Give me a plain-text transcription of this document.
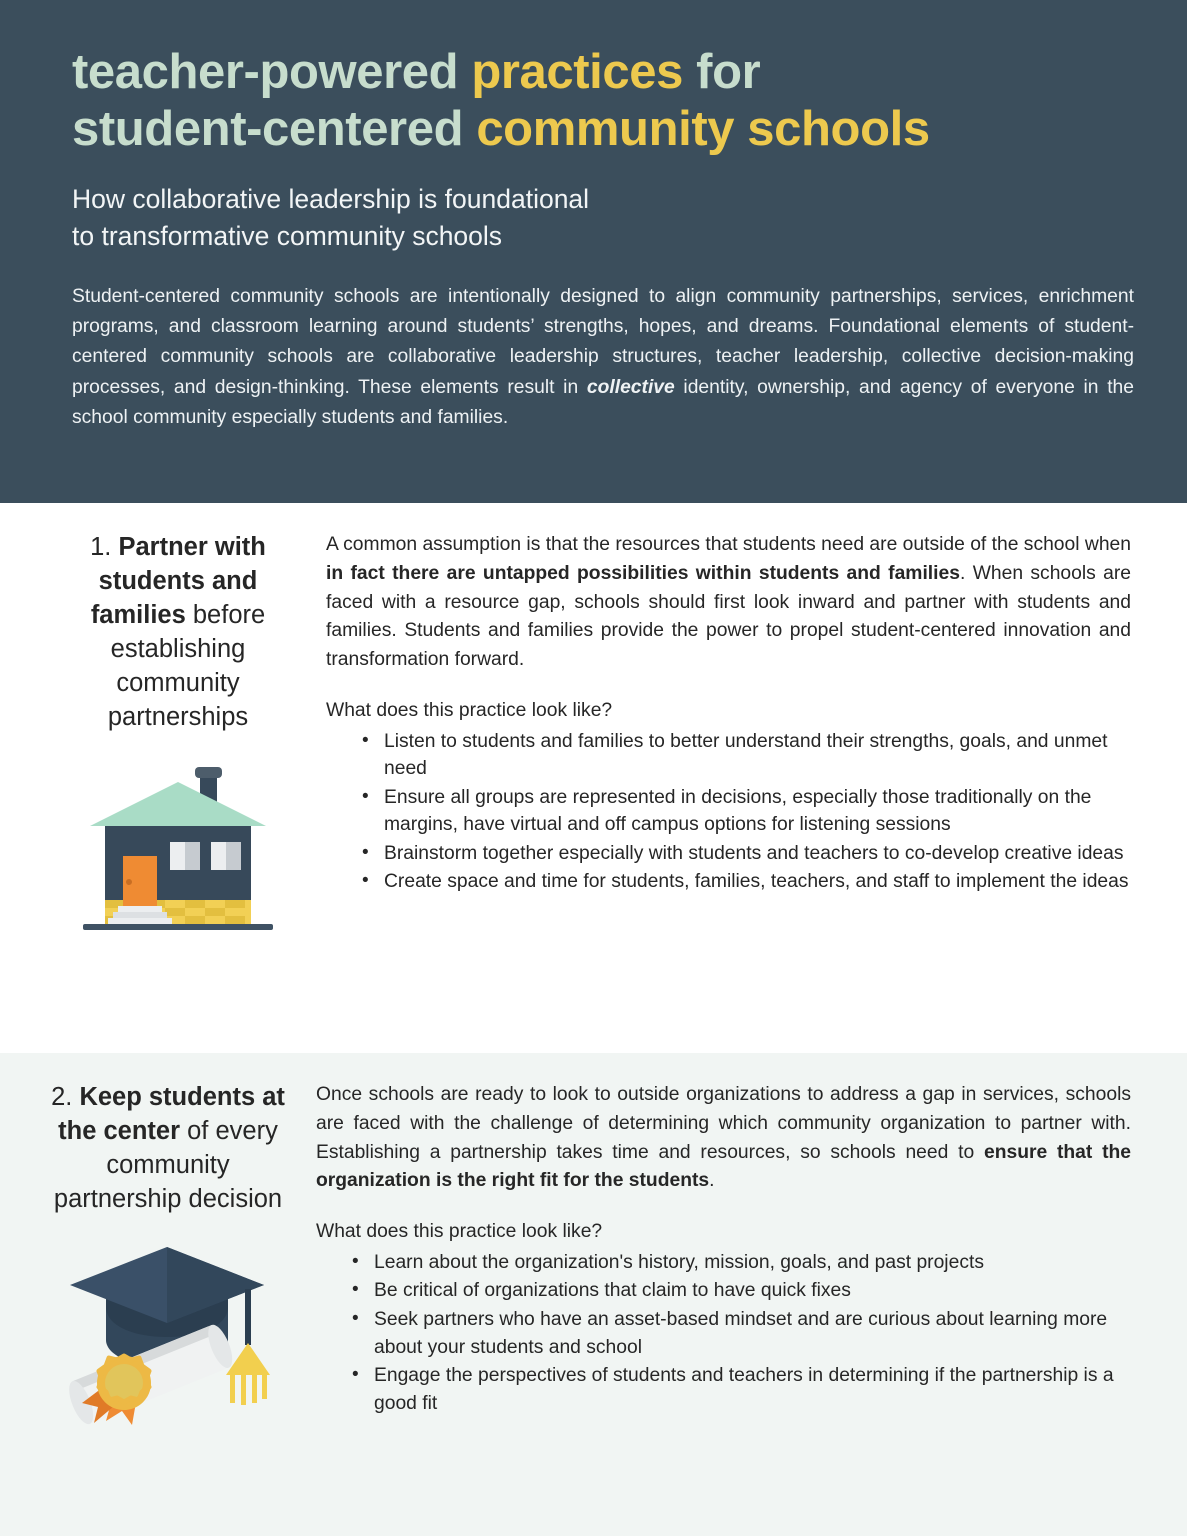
teacher-powered practices for
student-centered community schools
How collaborative leadership is foundational
to transformative community schools

Student-centered community schools are intentionally designed to align community partnerships, services, enrichment programs, and classroom learning around students’ strengths, hopes, and dreams. Foundational elements of student-centered community schools are collaborative leadership structures, teacher leadership, collective decision-making processes, and design-thinking. These elements result in collective identity, ownership, and agency of everyone in the school community especially students and families.

1. Partner with students and families before establishing community partnerships

A common assumption is that the resources that students need are outside of the school when in fact there are untapped possibilities within students and families. When schools are faced with a resource gap, schools should first look inward and partner with students and families. Students and families provide the power to propel student-centered innovation and transformation forward.

What does this practice look like?

• Listen to students and families to better understand their strengths, goals, and unmet need
• Ensure all groups are represented in decisions, especially those traditionally on the margins, have virtual and off campus options for listening sessions
• Brainstorm together especially with students and teachers to co-develop creative ideas
• Create space and time for students, families, teachers, and staff to implement the ideas

2. Keep students at the center of every community partnership decision

Once schools are ready to look to outside organizations to address a gap in services, schools are faced with the challenge of determining which community organization to partner with. Establishing a partnership takes time and resources, so schools need to ensure that the organization is the right fit for the students.

What does this practice look like?

• Learn about the organization's history, mission, goals, and past projects
• Be critical of organizations that claim to have quick fixes
• Seek partners who have an asset-based mindset and are curious about learning more about your students and school
• Engage the perspectives of students and teachers in determining if the partnership is a good fit
